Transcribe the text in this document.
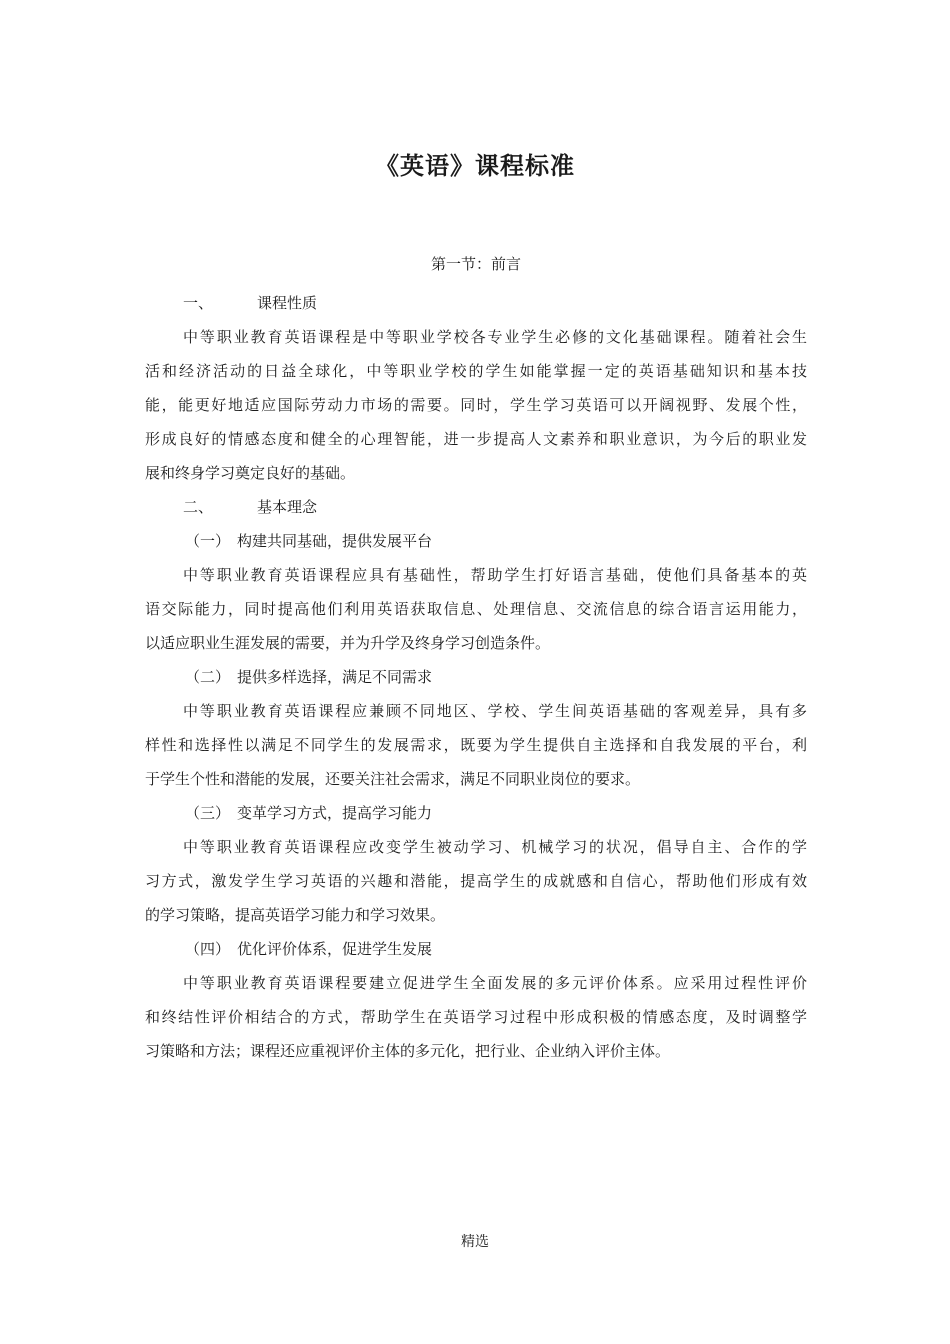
《英语》课程标准
第一节：前言
一、	课程性质
中等职业教育英语课程是中等职业学校各专业学生必修的文化基础课程。随着社会生
活和经济活动的日益全球化，中等职业学校的学生如能掌握一定的英语基础知识和基本技
能，能更好地适应国际劳动力市场的需要。同时，学生学习英语可以开阔视野、发展个性，
形成良好的情感态度和健全的心理智能，进一步提高人文素养和职业意识，为今后的职业发
展和终身学习奠定良好的基础。
二、	基本理念
（一） 构建共同基础，提供发展平台
中等职业教育英语课程应具有基础性，帮助学生打好语言基础，使他们具备基本的英
语交际能力，同时提高他们利用英语获取信息、处理信息、交流信息的综合语言运用能力，
以适应职业生涯发展的需要，并为升学及终身学习创造条件。
（二） 提供多样选择，满足不同需求
中等职业教育英语课程应兼顾不同地区、学校、学生间英语基础的客观差异，具有多
样性和选择性以满足不同学生的发展需求，既要为学生提供自主选择和自我发展的平台，利
于学生个性和潜能的发展，还要关注社会需求，满足不同职业岗位的要求。
（三） 变革学习方式，提高学习能力
中等职业教育英语课程应改变学生被动学习、机械学习的状况，倡导自主、合作的学
习方式，激发学生学习英语的兴趣和潜能，提高学生的成就感和自信心，帮助他们形成有效
的学习策略，提高英语学习能力和学习效果。
（四） 优化评价体系，促进学生发展
中等职业教育英语课程要建立促进学生全面发展的多元评价体系。应采用过程性评价
和终结性评价相结合的方式，帮助学生在英语学习过程中形成积极的情感态度，及时调整学
习策略和方法；课程还应重视评价主体的多元化，把行业、企业纳入评价主体。
精选
